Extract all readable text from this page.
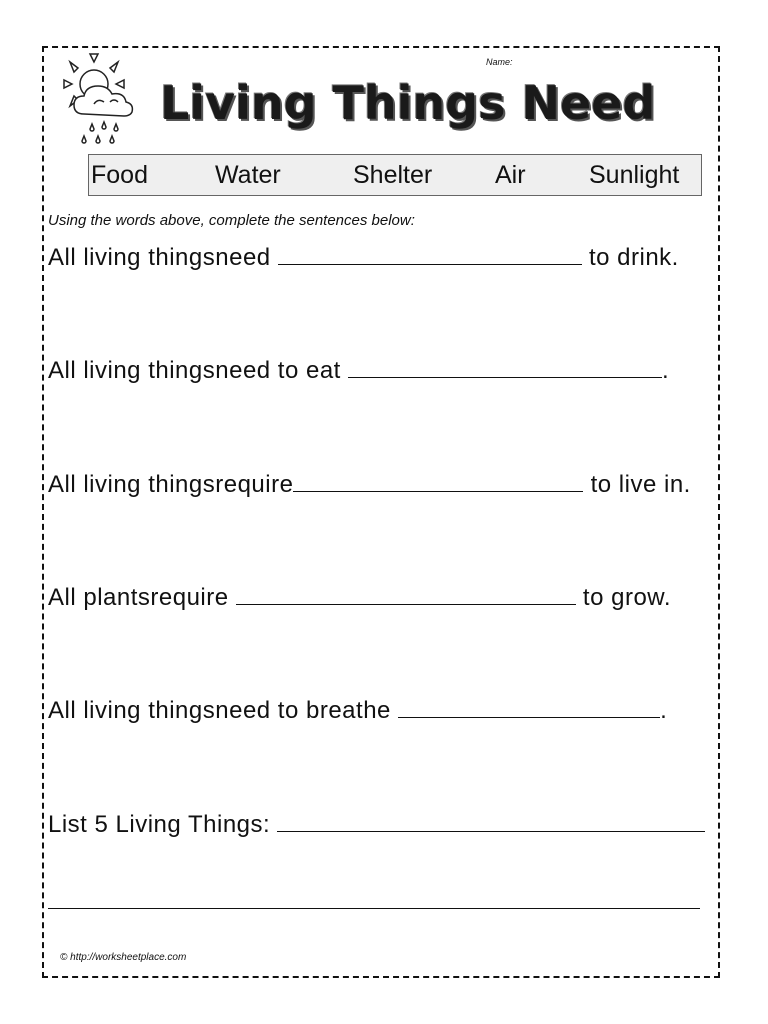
Name:
Living Things Need
Food	Water	Shelter	Air	Sunlight
Using the words above, complete the sentences below:
All living thingsneed	to drink.
All living thingsneed to eat	.
All living thingsrequire	to live in.
All plantsrequire	to grow.
All living thingsneed to breathe	.
List 5 Living Things:
© http://worksheetplace.com
